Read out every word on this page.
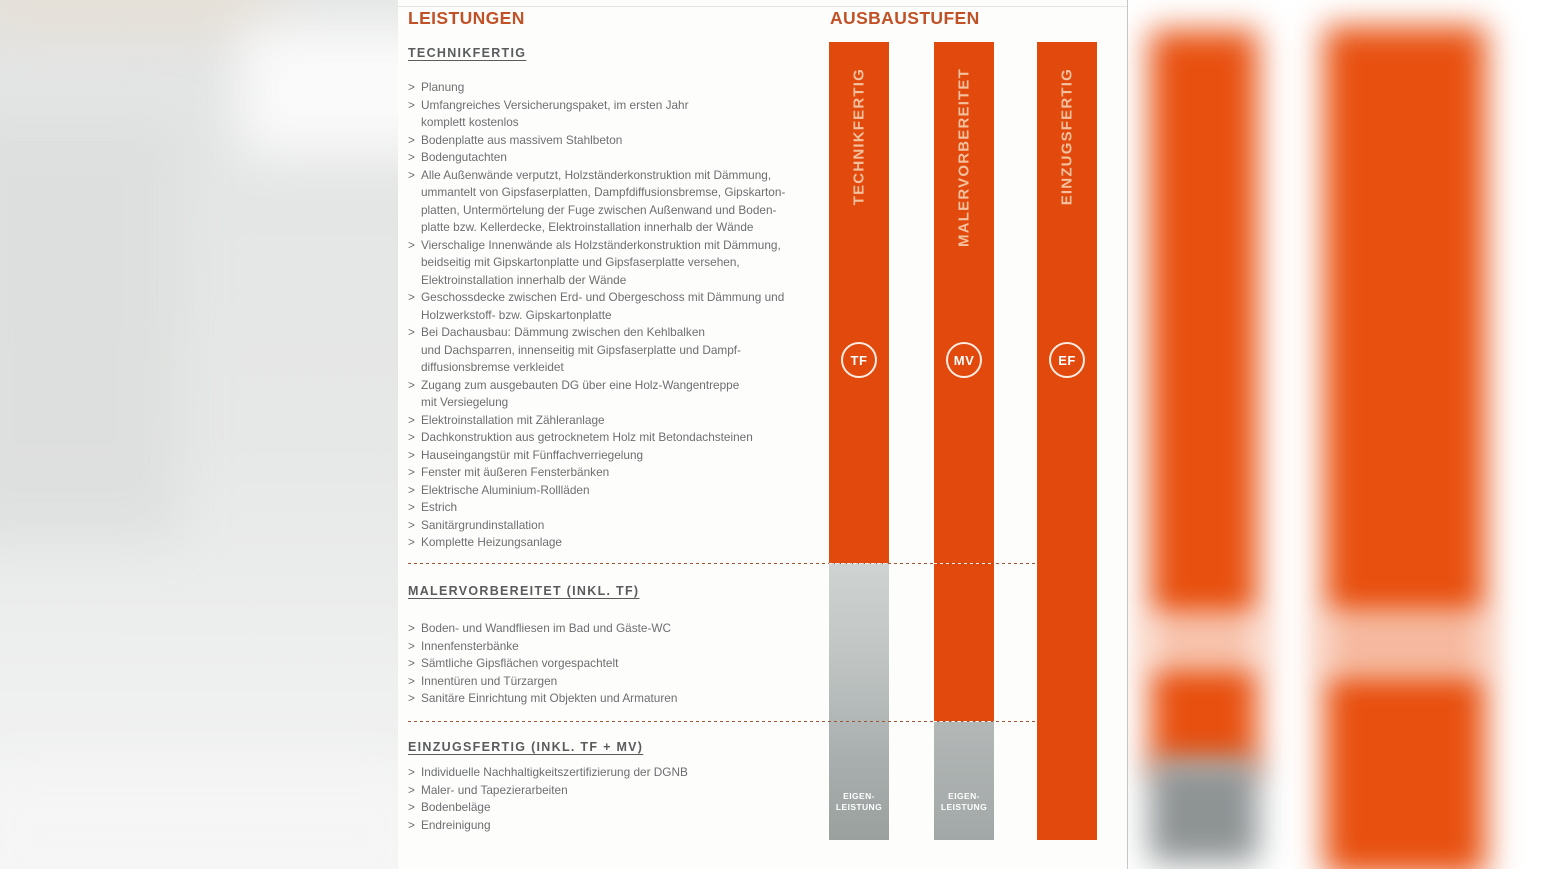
LEISTUNGEN	AUSBAUSTUFEN
TECHNIKFERTIG
> Planung
> Umfangreiches Versicherungspaket, im ersten Jahr
komplett kostenlos
> Bodenplatte aus massivem Stahlbeton
> Bodengutachten
> Alle Außenwände verputzt, Holzständerkonstruktion mit Dämmung,
ummantelt von Gipsfaserplatten, Dampfdiffusionsbremse, Gipskarton-
platten, Untermörtelung der Fuge zwischen Außenwand und Boden-
platte bzw. Kellerdecke, Elektroinstallation innerhalb der Wände
> Vierschalige Innenwände als Holzständerkonstruktion mit Dämmung,
beidseitig mit Gipskartonplatte und Gipsfaserplatte versehen,
Elektroinstallation innerhalb der Wände
> Geschossdecke zwischen Erd- und Obergeschoss mit Dämmung und
Holzwerkstoff- bzw. Gipskartonplatte
> Bei Dachausbau: Dämmung zwischen den Kehlbalken
und Dachsparren, innenseitig mit Gipsfaserplatte und Dampf-
diffusionsbremse verkleidet
> Zugang zum ausgebauten DG über eine Holz-Wangentreppe
mit Versiegelung
> Elektroinstallation mit Zähleranlage
> Dachkonstruktion aus getrocknetem Holz mit Betondachsteinen
> Hauseingangstür mit Fünffachverriegelung
> Fenster mit äußeren Fensterbänken
> Elektrische Aluminium-Rollläden
> Estrich
> Sanitärgrundinstallation
> Komplette Heizungsanlage
MALERVORBEREITET (INKL. TF)
> Boden- und Wandfliesen im Bad und Gäste-WC
> Innenfensterbänke
> Sämtliche Gipsflächen vorgespachtelt
> Innentüren und Türzargen
> Sanitäre Einrichtung mit Objekten und Armaturen
EINZUGSFERTIG (INKL. TF + MV)
> Individuelle Nachhaltigkeitszertifizierung der DGNB
> Maler- und Tapezierarbeiten
> Bodenbeläge
> Endreinigung
TECHNIKFERTIG
TF
EIGEN-
LEISTUNG
MALERVORBEREITET
MV
EIGEN-
LEISTUNG
EINZUGSFERTIG
EF
